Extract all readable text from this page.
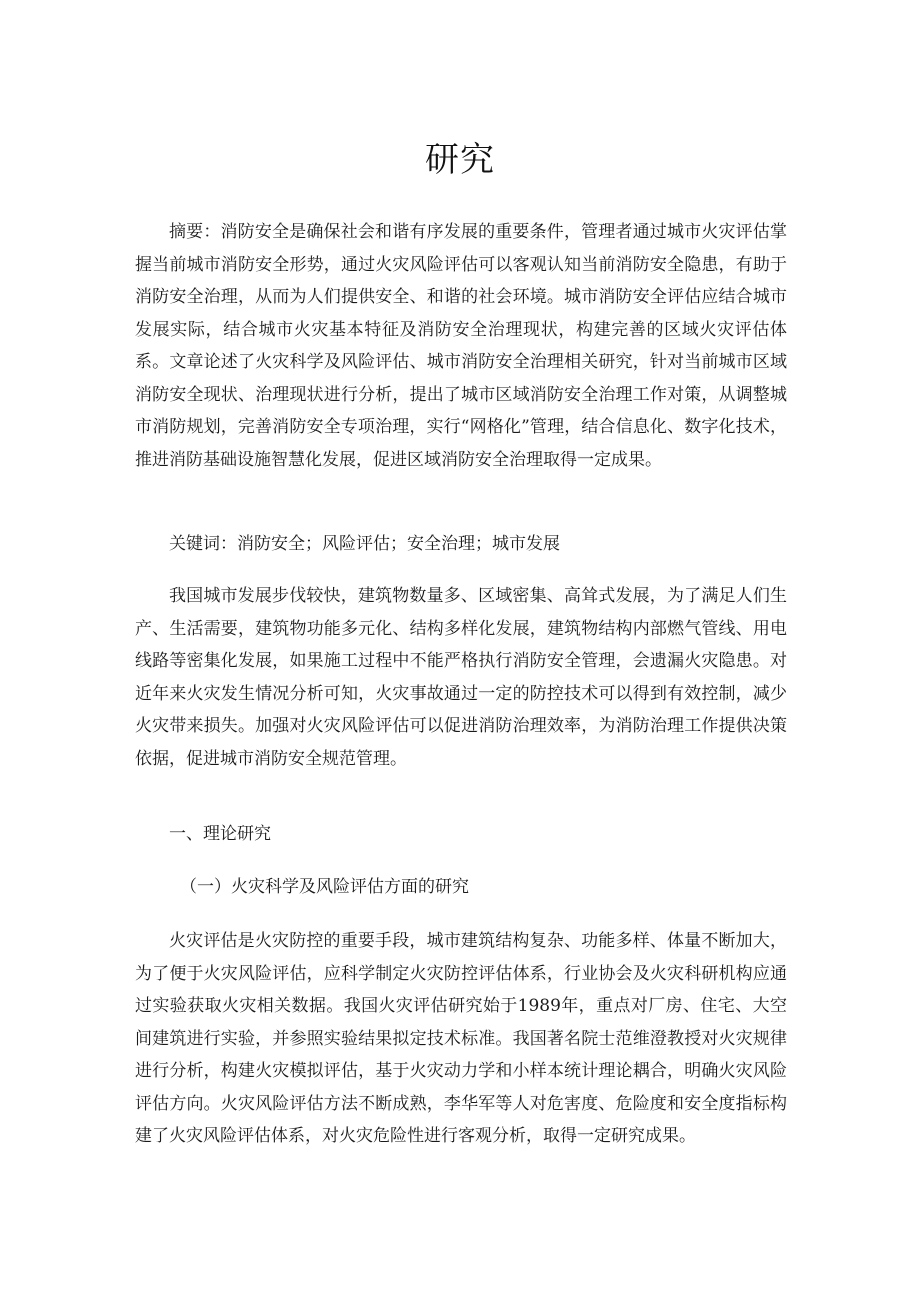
研究

摘要：消防安全是确保社会和谐有序发展的重要条件，管理者通过城市火灾评估掌握当前城市消防安全形势，通过火灾风险评估可以客观认知当前消防安全隐患，有助于消防安全治理，从而为人们提供安全、和谐的社会环境。城市消防安全评估应结合城市发展实际，结合城市火灾基本特征及消防安全治理现状，构建完善的区域火灾评估体系。文章论述了火灾科学及风险评估、城市消防安全治理相关研究，针对当前城市区域消防安全现状、治理现状进行分析，提出了城市区域消防安全治理工作对策，从调整城市消防规划，完善消防安全专项治理，实行“网格化”管理，结合信息化、数字化技术，推进消防基础设施智慧化发展，促进区域消防安全治理取得一定成果。

关键词：消防安全；风险评估；安全治理；城市发展

我国城市发展步伐较快，建筑物数量多、区域密集、高耸式发展，为了满足人们生产、生活需要，建筑物功能多元化、结构多样化发展，建筑物结构内部燃气管线、用电线路等密集化发展，如果施工过程中不能严格执行消防安全管理，会遗漏火灾隐患。对近年来火灾发生情况分析可知，火灾事故通过一定的防控技术可以得到有效控制，减少火灾带来损失。加强对火灾风险评估可以促进消防治理效率，为消防治理工作提供决策依据，促进城市消防安全规范管理。

一、理论研究

（一）火灾科学及风险评估方面的研究

火灾评估是火灾防控的重要手段，城市建筑结构复杂、功能多样、体量不断加大，为了便于火灾风险评估，应科学制定火灾防控评估体系，行业协会及火灾科研机构应通过实验获取火灾相关数据。我国火灾评估研究始于1989年，重点对厂房、住宅、大空间建筑进行实验，并参照实验结果拟定技术标准。我国著名院士范维澄教授对火灾规律进行分析，构建火灾模拟评估，基于火灾动力学和小样本统计理论耦合，明确火灾风险评估方向。火灾风险评估方法不断成熟，李华军等人对危害度、危险度和安全度指标构建了火灾风险评估体系，对火灾危险性进行客观分析，取得一定研究成果。
